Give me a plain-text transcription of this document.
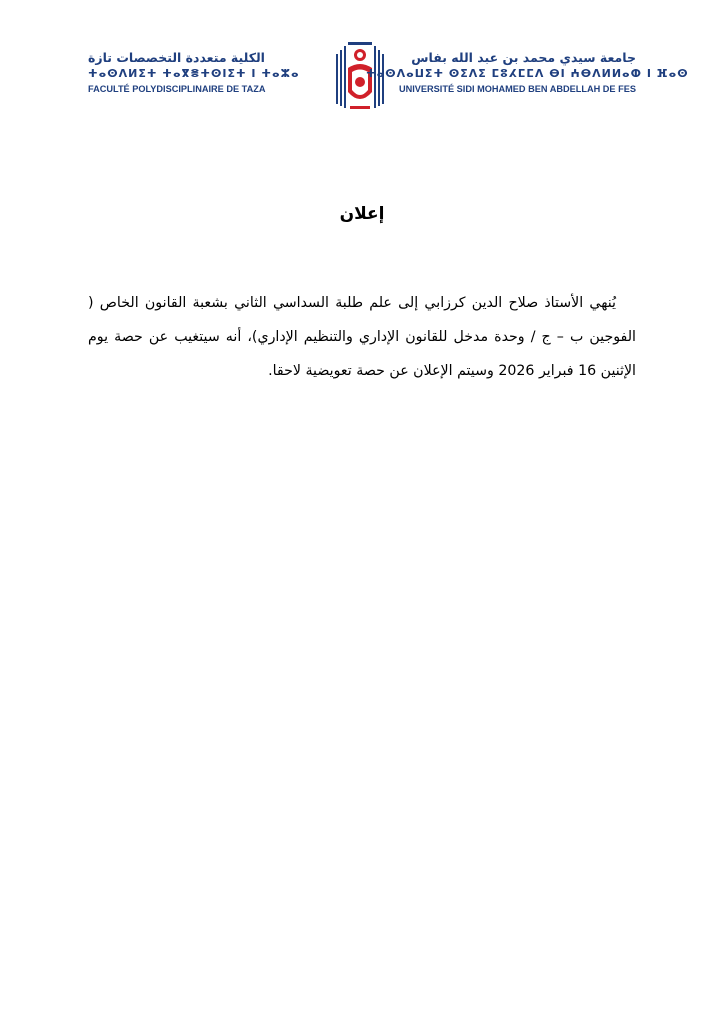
الكلية متعددة التخصصات تازة
ⵜⴰⵙⴷⵍⵉⵜ ⵜⴰⴳⴻⵜⵙⵏⵉⵜ ⵏ ⵜⴰⵣⴰ
FACULTÉ POLYDISCIPLINAIRE DE TAZA
جامعة سيدي محمد بن عبد الله بفاس
ⵜⴰⵙⴷⴰⵡⵉⵜ ⵙⵉⴷⵉ ⵎⵓⵃⵎⵎⴷ ⴱⵏ ⵄⴱⴷⵍⵍⴰⵀ ⵏ ⴼⴰⵙ
UNIVERSITÉ SIDI MOHAMED BEN ABDELLAH DE FES
إعلان
يُنهي الأستاذ صلاح الدين كرزابي إلى علم طلبة السداسي الثاني بشعبة القانون الخاص ( الفوجين ب – ج / وحدة مدخل للقانون الإداري والتنظيم الإداري)، أنه سيتغيب عن حصة يوم الإثنين 16 فبراير 2026 وسيتم الإعلان عن حصة تعويضية لاحقا.
